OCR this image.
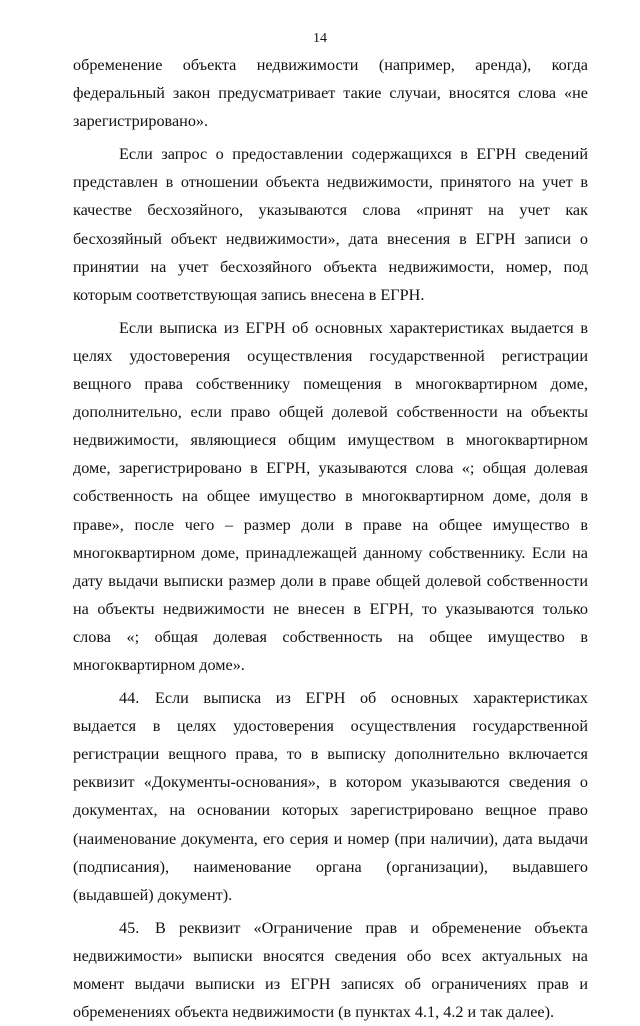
14

обременение объекта недвижимости (например, аренда), когда федеральный закон предусматривает такие случаи, вносятся слова «не зарегистрировано».

Если запрос о предоставлении содержащихся в ЕГРН сведений представлен в отношении объекта недвижимости, принятого на учет в качестве бесхозяйного, указываются слова «принят на учет как бесхозяйный объект недвижимости», дата внесения в ЕГРН записи о принятии на учет бесхозяйного объекта недвижимости, номер, под которым соответствующая запись внесена в ЕГРН.

Если выписка из ЕГРН об основных характеристиках выдается в целях удостоверения осуществления государственной регистрации вещного права собственнику помещения в многоквартирном доме, дополнительно, если право общей долевой собственности на объекты недвижимости, являющиеся общим имуществом в многоквартирном доме, зарегистрировано в ЕГРН, указываются слова «; общая долевая собственность на общее имущество в многоквартирном доме, доля в праве», после чего – размер доли в праве на общее имущество в многоквартирном доме, принадлежащей данному собственнику. Если на дату выдачи выписки размер доли в праве общей долевой собственности на объекты недвижимости не внесен в ЕГРН, то указываются только слова «; общая долевая собственность на общее имущество в многоквартирном доме».

44. Если выписка из ЕГРН об основных характеристиках выдается в целях удостоверения осуществления государственной регистрации вещного права, то в выписку дополнительно включается реквизит «Документы-основания», в котором указываются сведения о документах, на основании которых зарегистрировано вещное право (наименование документа, его серия и номер (при наличии), дата выдачи (подписания), наименование органа (организации), выдавшего (выдавшей) документ).

45. В реквизит «Ограничение прав и обременение объекта недвижимости» выписки вносятся сведения обо всех актуальных на момент выдачи выписки из ЕГРН записях об ограничениях прав и обременениях объекта недвижимости (в пунктах 4.1, 4.2 и так далее).
